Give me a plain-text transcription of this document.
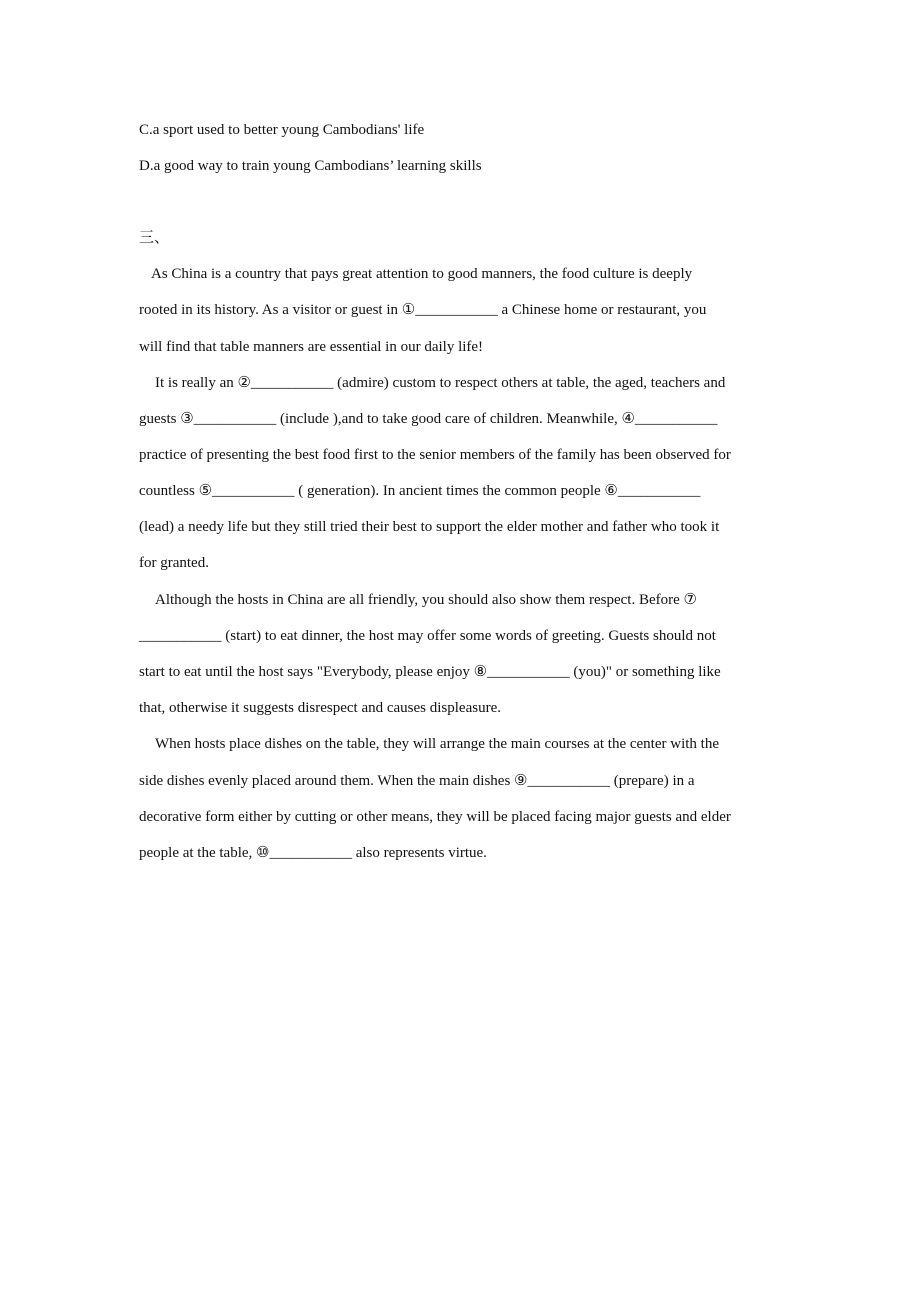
C.a sport used to better young Cambodians' life
D.a good way to train young Cambodians’ learning skills
三、
As China is a country that pays great attention to good manners, the food culture is deeply
rooted in its history. As a visitor or guest in ①___________ a Chinese home or restaurant, you
will find that table manners are essential in our daily life!
It is really an ②___________ (admire) custom to respect others at table, the aged, teachers and
guests ③___________ (include ),and to take good care of children. Meanwhile, ④___________
practice of presenting the best food first to the senior members of the family has been observed for
countless ⑤___________ ( generation). In ancient times the common people ⑥___________
(lead) a needy life but they still tried their best to support the elder mother and father who took it
for granted.
Although the hosts in China are all friendly, you should also show them respect. Before ⑦
___________ (start) to eat dinner, the host may offer some words of greeting. Guests should not
start to eat until the host says "Everybody, please enjoy ⑧___________ (you)" or something like
that, otherwise it suggests disrespect and causes displeasure.
When hosts place dishes on the table, they will arrange the main courses at the center with the
side dishes evenly placed around them. When the main dishes ⑨___________ (prepare) in a
decorative form either by cutting or other means, they will be placed facing major guests and elder
people at the table, ⑩___________ also represents virtue.
